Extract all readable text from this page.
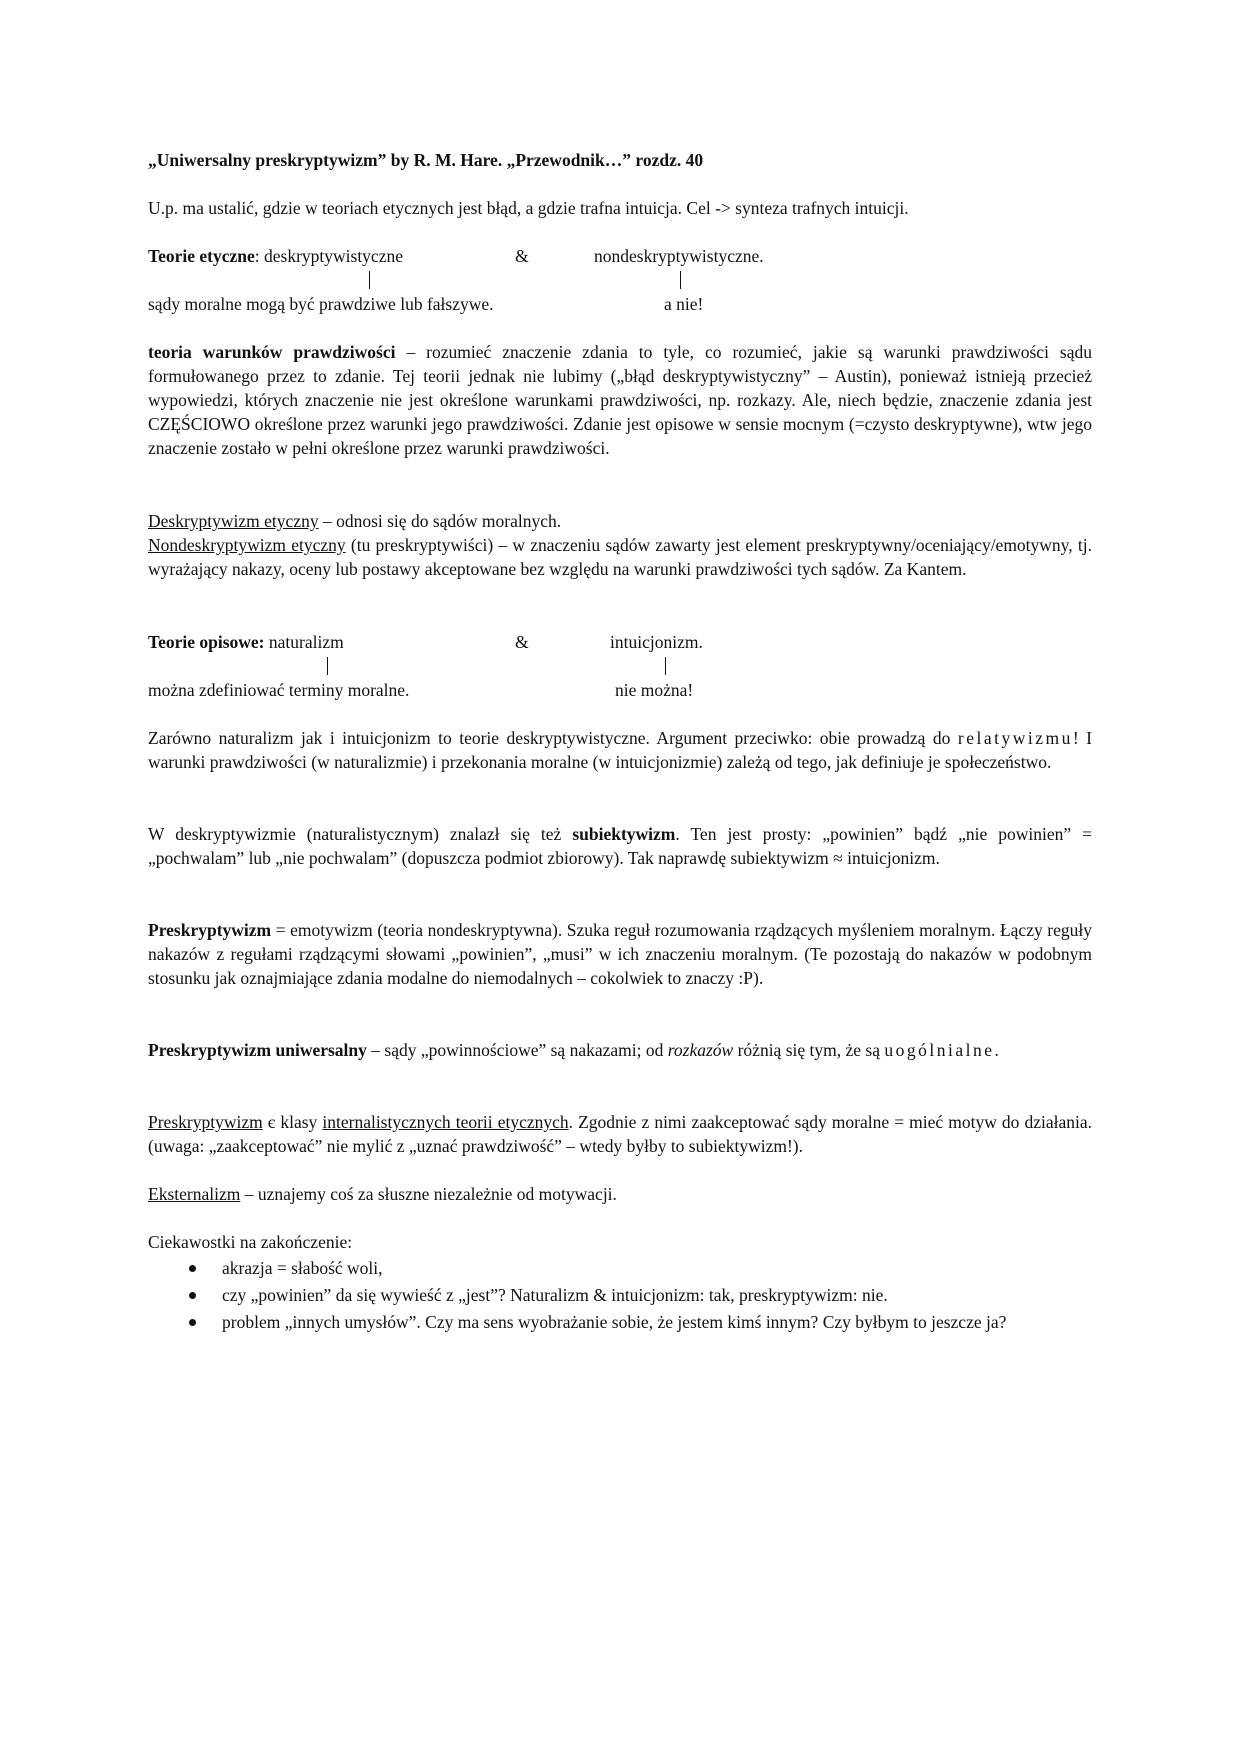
„Uniwersalny preskryptywizm” by R. M. Hare. „Przewodnik…” rozdz. 40
U.p. ma ustalić, gdzie w teoriach etycznych jest błąd, a gdzie trafna intuicja. Cel -> synteza trafnych intuicji.
Teorie etyczne: deskryptywistyczne	&	nondeskryptywistyczne.
sądy moralne mogą być prawdziwe lub fałszywe.	a nie!
teoria warunków prawdziwości – rozumieć znaczenie zdania to tyle, co rozumieć, jakie są warunki prawdziwości sądu formułowanego przez to zdanie. Tej teorii jednak nie lubimy („błąd deskryptywistyczny” – Austin), ponieważ istnieją przecież wypowiedzi, których znaczenie nie jest określone warunkami prawdziwości, np. rozkazy. Ale, niech będzie, znaczenie zdania jest CZĘŚCIOWO określone przez warunki jego prawdziwości. Zdanie jest opisowe w sensie mocnym (=czysto deskryptywne), wtw jego znaczenie zostało w pełni określone przez warunki prawdziwości.
Deskryptywizm etyczny – odnosi się do sądów moralnych.
Nondeskryptywizm etyczny (tu preskryptywiści) – w znaczeniu sądów zawarty jest element preskryptywny/oceniający/emotywny, tj. wyrażający nakazy, oceny lub postawy akceptowane bez względu na warunki prawdziwości tych sądów. Za Kantem.
Teorie opisowe: naturalizm	&	intuicjonizm.
można zdefiniować terminy moralne.	nie można!
Zarówno naturalizm jak i intuicjonizm to teorie deskryptywistyczne. Argument przeciwko: obie prowadzą do relatywizmu! I warunki prawdziwości (w naturalizmie) i przekonania moralne (w intuicjonizmie) zależą od tego, jak definiuje je społeczeństwo.
W deskryptywizmie (naturalistycznym) znalazł się też subiektywizm. Ten jest prosty: „powinien” bądź „nie powinien” = „pochwalam” lub „nie pochwalam” (dopuszcza podmiot zbiorowy). Tak naprawdę subiektywizm ≈ intuicjonizm.
Preskryptywizm = emotywizm (teoria nondeskryptywna). Szuka reguł rozumowania rządzących myśleniem moralnym. Łączy reguły nakazów z regułami rządzącymi słowami „powinien”, „musi” w ich znaczeniu moralnym. (Te pozostają do nakazów w podobnym stosunku jak oznajmiające zdania modalne do niemodalnych – cokolwiek to znaczy :P).
Preskryptywizm uniwersalny – sądy „powinnościowe” są nakazami; od rozkazów różnią się tym, że są uogólnialne.
Preskryptywizm є klasy internalistycznych teorii etycznych. Zgodnie z nimi zaakceptować sądy moralne = mieć motyw do działania. (uwaga: „zaakceptować” nie mylić z „uznać prawdziwość” – wtedy byłby to subiektywizm!).
Eksternalizm – uznajemy coś za słuszne niezależnie od motywacji.
Ciekawostki na zakończenie:
akrazja = słabość woli,
czy „powinien” da się wywieść z „jest”? Naturalizm & intuicjonizm: tak, preskryptywizm: nie.
problem „innych umysłów”. Czy ma sens wyobrażanie sobie, że jestem kimś innym? Czy byłbym to jeszcze ja?
